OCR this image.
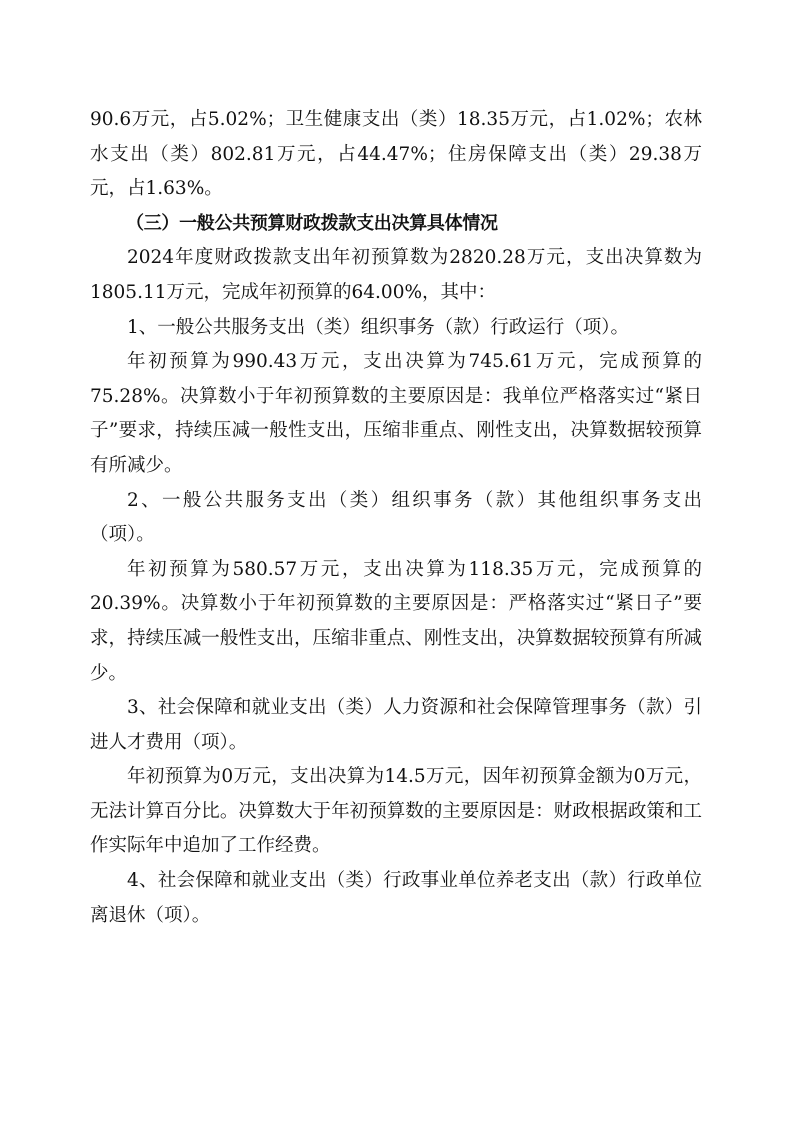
90.6万元，占5.02%；卫生健康支出（类）18.35万元，占1.02%；农林水支出（类）802.81万元，占44.47%；住房保障支出（类）29.38万元，占1.63%。

（三）一般公共预算财政拨款支出决算具体情况

2024年度财政拨款支出年初预算数为2820.28万元，支出决算数为1805.11万元，完成年初预算的64.00%，其中：

1、一般公共服务支出（类）组织事务（款）行政运行（项）。

年初预算为990.43万元，支出决算为745.61万元，完成预算的75.28%。决算数小于年初预算数的主要原因是：我单位严格落实过“紧日子”要求，持续压减一般性支出，压缩非重点、刚性支出，决算数据较预算有所减少。

2、一般公共服务支出（类）组织事务（款）其他组织事务支出（项）。

年初预算为580.57万元，支出决算为118.35万元，完成预算的20.39%。决算数小于年初预算数的主要原因是：严格落实过“紧日子”要求，持续压减一般性支出，压缩非重点、刚性支出，决算数据较预算有所减少。

3、社会保障和就业支出（类）人力资源和社会保障管理事务（款）引进人才费用（项）。

年初预算为0万元，支出决算为14.5万元，因年初预算金额为0万元，无法计算百分比。决算数大于年初预算数的主要原因是：财政根据政策和工作实际年中追加了工作经费。

4、社会保障和就业支出（类）行政事业单位养老支出（款）行政单位离退休（项）。
